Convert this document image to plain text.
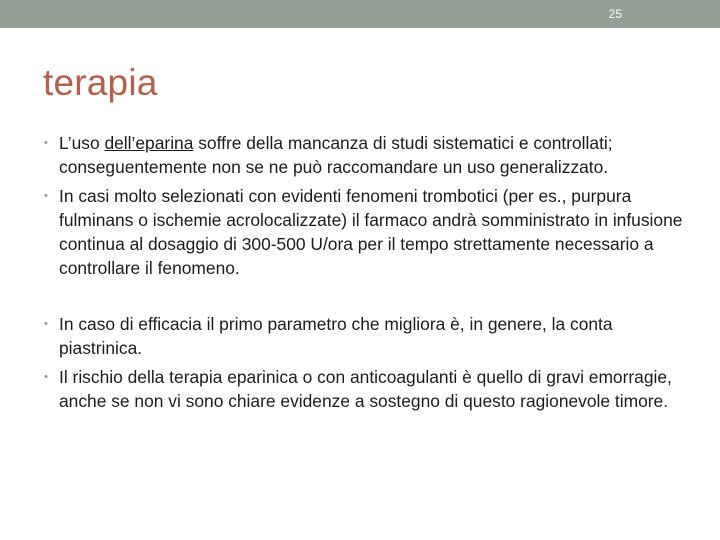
25
terapia

• L’uso dell’eparina soffre della mancanza di studi sistematici e controllati; conseguentemente non se ne può raccomandare un uso generalizzato.

• In casi molto selezionati con evidenti fenomeni trombotici (per es., purpura fulminans o ischemie acrolocalizzate) il farmaco andrà somministrato in infusione continua al dosaggio di 300-500 U/ora per il tempo strettamente necessario a controllare il fenomeno.

• In caso di efficacia il primo parametro che migliora è, in genere, la conta piastrinica.

• Il rischio della terapia eparinica o con anticoagulanti è quello di gravi emorragie, anche se non vi sono chiare evidenze a sostegno di questo ragionevole timore.
